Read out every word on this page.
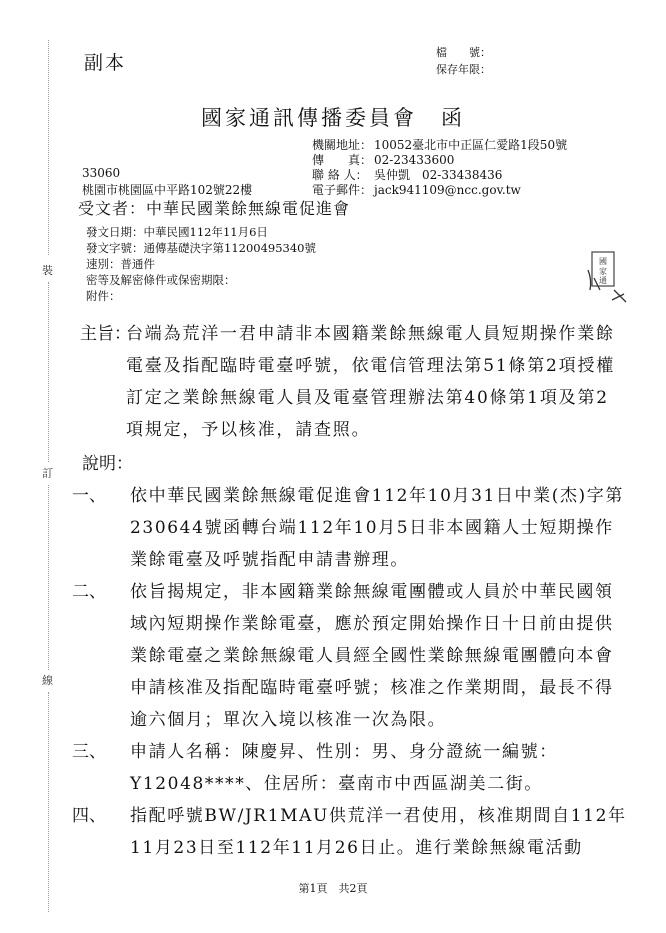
裝
訂
線
副本	檔　　號：
保存年限：
國家通訊傳播委員會　函
機關地址： 10052臺北市中正區仁愛路1段50號
傳　　真： 02-23433600
聯 絡 人： 吳仲凱　02-33438436
電子郵件： jack941109@ncc.gov.tw
33060
桃園市桃園區中平路102號22樓
受文者：中華民國業餘無線電促進會
發文日期：中華民國112年11月6日
發文字號：通傳基礎決字第11200495340號
速別：普通件
密等及解密條件或保密期限：
附件：
國
家
通
主旨：
台端為荒洋一君申請非本國籍業餘無線電人員短期操作業餘電臺及指配臨時電臺呼號，依電信管理法第51條第2項授權訂定之業餘無線電人員及電臺管理辦法第40條第1項及第2項規定，予以核准，請查照。
說明：
一、 依中華民國業餘無線電促進會112年10月31日中業(杰)字第230644號函轉台端112年10月5日非本國籍人士短期操作業餘電臺及呼號指配申請書辦理。
二、 依旨揭規定，非本國籍業餘無線電團體或人員於中華民國領域內短期操作業餘電臺，應於預定開始操作日十日前由提供業餘電臺之業餘無線電人員經全國性業餘無線電團體向本會申請核准及指配臨時電臺呼號；核准之作業期間，最長不得逾六個月；單次入境以核准一次為限。
三、 申請人名稱：陳慶昇、性別：男、身分證統一編號：Y12048****、住居所：臺南市中西區湖美二街。
四、 指配呼號BW/JR1MAU供荒洋一君使用，核准期間自112年11月23日至112年11月26日止。進行業餘無線電活動
第1頁　共2頁
